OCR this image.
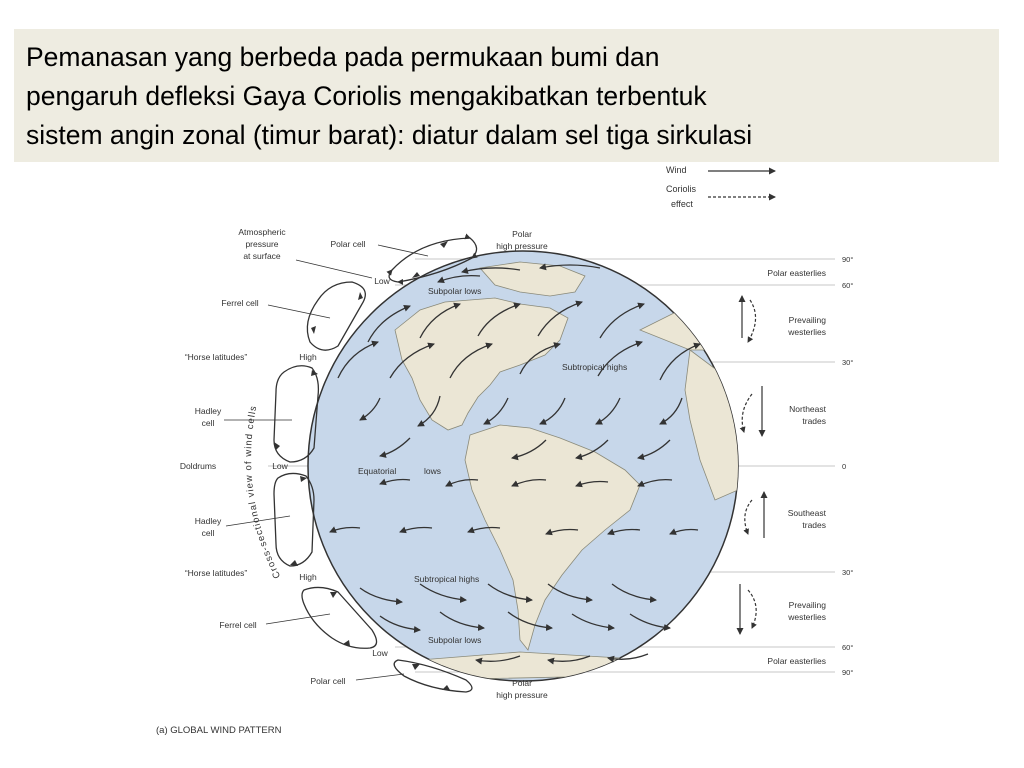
Pemanasan yang berbeda pada permukaan bumi dan
pengaruh defleksi Gaya Coriolis mengakibatkan terbentuk
sistem angin zonal (timur barat): diatur dalam sel tiga sirkulasi

Wind
Coriolis
effect
Atmospheric
pressure
at surface
Polar cell
Ferrel cell
“Horse latitudes”
Hadley
cell
Doldrums
Hadley
cell
“Horse latitudes”
Ferrel cell
Polar cell
Low
High
Low
High
Low
Polar
high pressure
Polar
high pressure
Cross-sectional view of wind cells
Subpolar lows
Subtropical highs
Equatorial	lows
Subtropical highs
Subpolar lows
90°
60°
30°
0
30°
60°
90°
Polar easterlies
Prevailing
westerlies
Northeast
trades
Southeast
trades
Prevailing
westerlies
Polar easterlies
(a) GLOBAL WIND PATTERN
